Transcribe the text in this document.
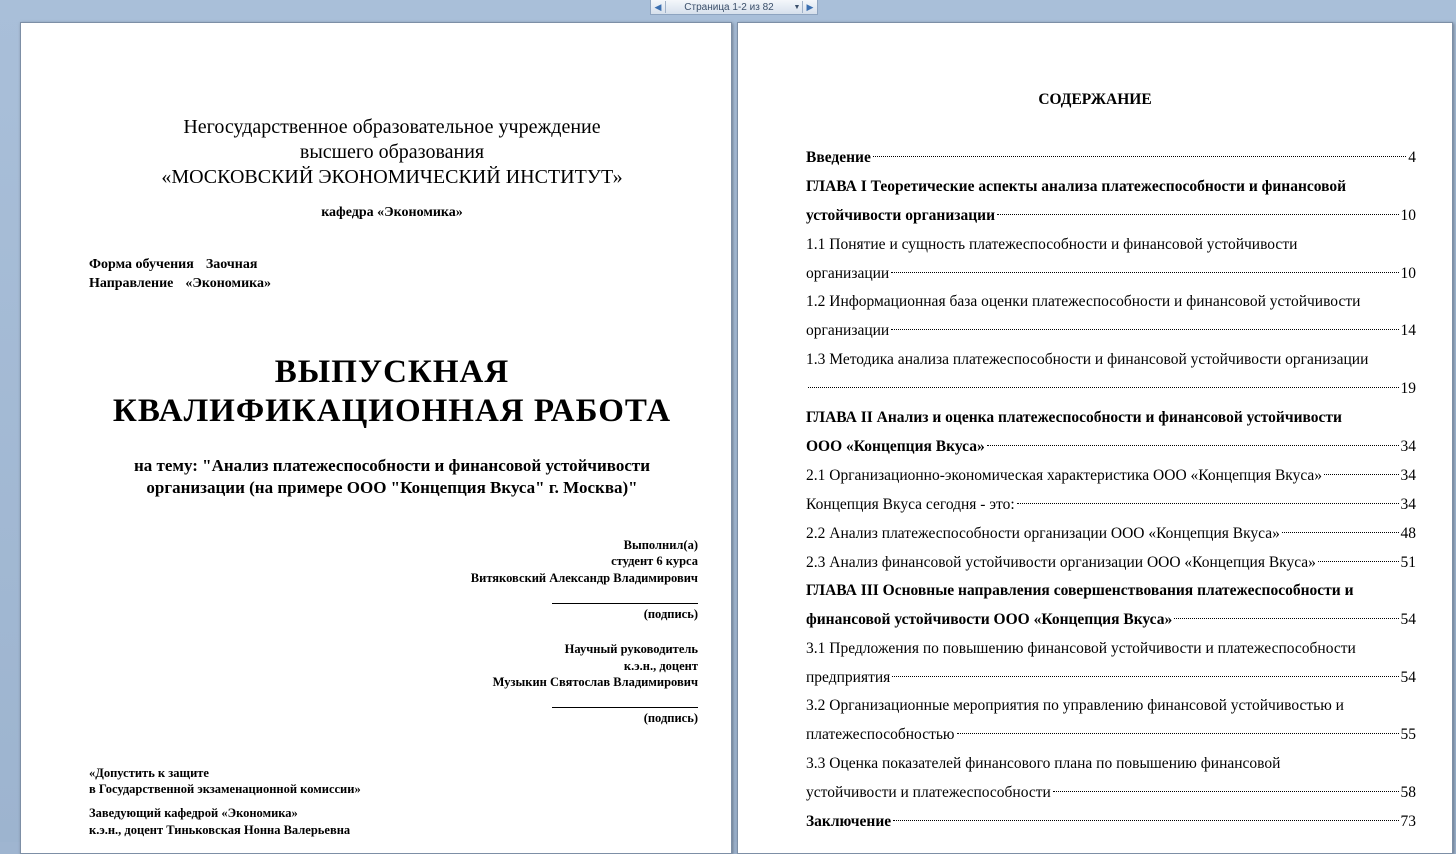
◀	Страница 1-2 из 82	▼ ▶
Негосударственное образовательное учреждение
высшего образования
«МОСКОВСКИЙ ЭКОНОМИЧЕСКИЙ ИНСТИТУТ»
кафедра «Экономика»
Форма обучения Заочная
Направление «Экономика»
ВЫПУСКНАЯ
КВАЛИФИКАЦИОННАЯ РАБОТА
на тему: "Анализ платежеспособности и финансовой устойчивости
организации (на примере ООО "Концепция Вкуса" г. Москва)"
Выполнил(а)
студент 6 курса
Витяковский Александр Владимирович
(подпись)
Научный руководитель
к.э.н., доцент
Музыкин Святослав Владимирович
(подпись)
«Допустить к защите
в Государственной экзаменационной комиссии»
Заведующий кафедрой «Экономика»
к.э.н., доцент Тиньковская Нонна Валерьевна
СОДЕРЖАНИЕ
Введение	4
ГЛАВА I Теоретические аспекты анализа платежеспособности и финансовой
устойчивости организации	10
1.1 Понятие и сущность платежеспособности и финансовой устойчивости
организации	10
1.2 Информационная база оценки платежеспособности и финансовой устойчивости
организации	14
1.3 Методика анализа платежеспособности и финансовой устойчивости организации
19
ГЛАВА II Анализ и оценка платежеспособности и финансовой устойчивости
ООО «Концепция Вкуса»	34
2.1 Организационно-экономическая характеристика ООО «Концепция Вкуса»	34
Концепция Вкуса сегодня - это:	34
2.2 Анализ платежеспособности организации ООО «Концепция Вкуса»	48
2.3 Анализ финансовой устойчивости организации ООО «Концепция Вкуса»	51
ГЛАВА III Основные направления совершенствования платежеспособности и
финансовой устойчивости ООО «Концепция Вкуса»	54
3.1 Предложения по повышению финансовой устойчивости и платежеспособности
предприятия	54
3.2 Организационные мероприятия по управлению финансовой устойчивостью и
платежеспособностью	55
3.3 Оценка показателей финансового плана по повышению финансовой
устойчивости и платежеспособности	58
Заключение	73
